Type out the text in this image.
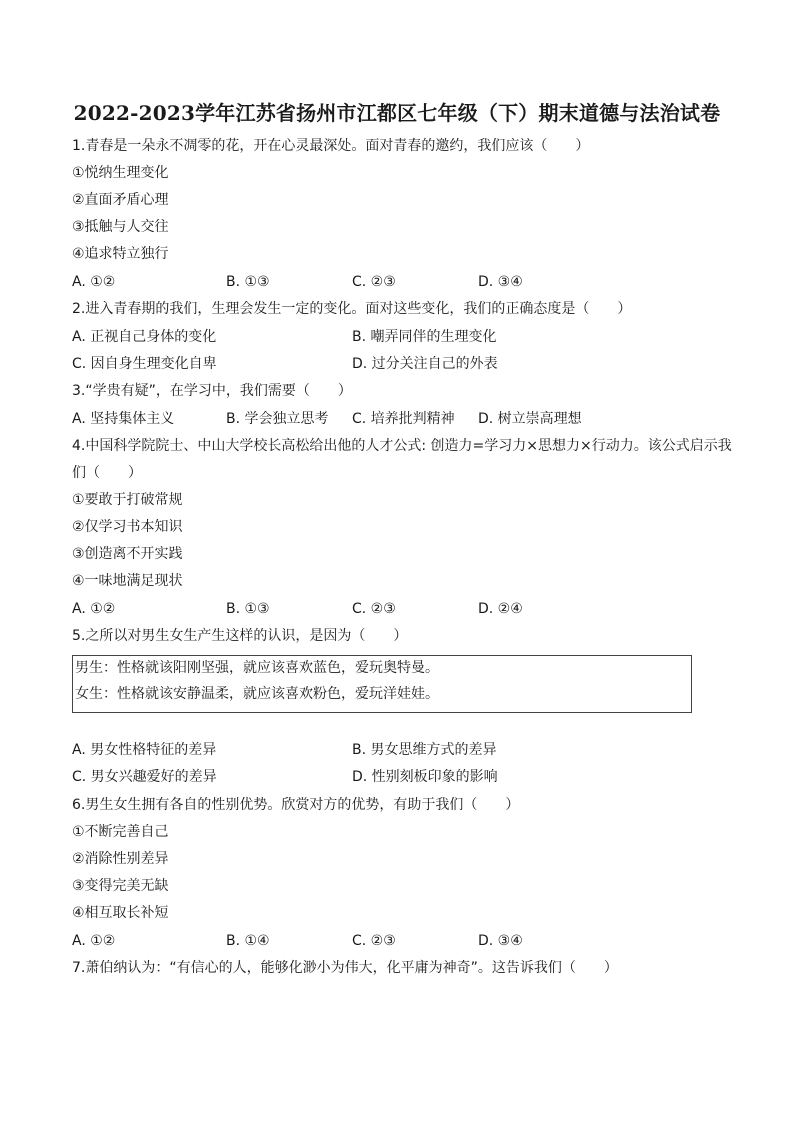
2022-2023学年江苏省扬州市江都区七年级（下）期末道德与法治试卷
1.青春是一朵永不凋零的花，开在心灵最深处。面对青春的邀约，我们应该（　　）
①悦纳生理变化
②直面矛盾心理
③抵触与人交往
④追求特立独行
A. ①②	B. ①③	C. ②③	D. ③④
2.进入青春期的我们，生理会发生一定的变化。面对这些变化，我们的正确态度是（　　）
A. 正视自己身体的变化	B. 嘲弄同伴的生理变化
C. 因自身生理变化自卑	D. 过分关注自己的外表
3.“学贵有疑”，在学习中，我们需要（　　）
A. 坚持集体主义	B. 学会独立思考 C. 培养批判精神 D. 树立崇高理想
4.中国科学院院士、中山大学校长高松给出他的人才公式: 创造力=学习力×思想力×行动力。该公式启示我
们（　　）
①要敢于打破常规
②仅学习书本知识
③创造离不开实践
④一味地满足现状
A. ①②	B. ①③	C. ②③	D. ②④
5.之所以对男生女生产生这样的认识，是因为（　　）
男生：性格就该阳刚坚强，就应该喜欢蓝色，爱玩奥特曼。
女生：性格就该安静温柔，就应该喜欢粉色，爱玩洋娃娃。
A. 男女性格特征的差异	B. 男女思维方式的差异
C. 男女兴趣爱好的差异	D. 性别刻板印象的影响
6.男生女生拥有各自的性别优势。欣赏对方的优势，有助于我们（　　）
①不断完善自己
②消除性别差异
③变得完美无缺
④相互取长补短
A. ①②	B. ①④	C. ②③	D. ③④
7.萧伯纳认为：“有信心的人，能够化渺小为伟大，化平庸为神奇”。这告诉我们（　　）
